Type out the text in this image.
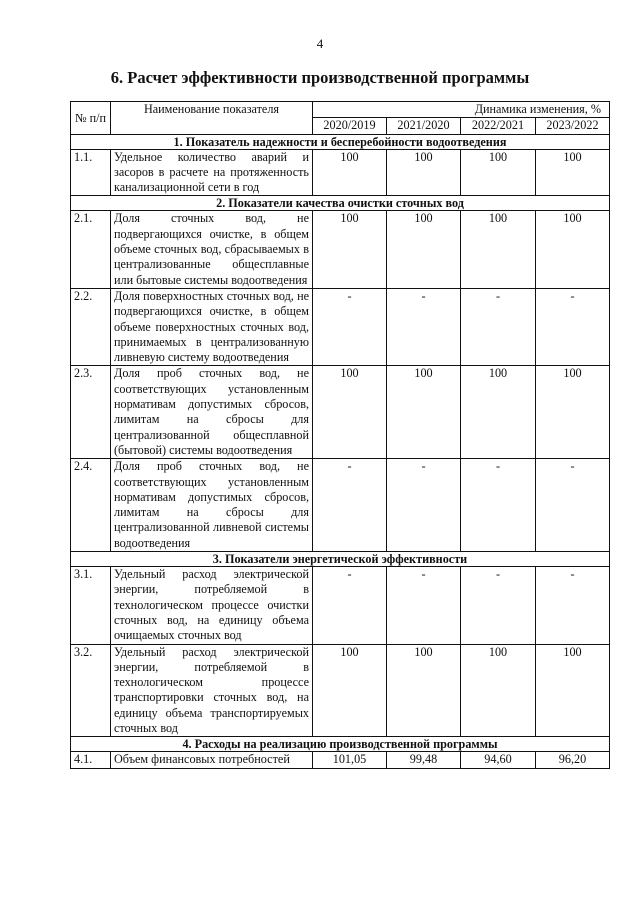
4
6. Расчет эффективности производственной программы
№ п/п	Наименование показателя	Динамика изменения, %			
		2020/2019	2021/2020	2022/2021	2023/2022
1. Показатель надежности и бесперебойности водоотведения					
1.1.	Удельное количество аварий и засоров в расчете на протяженность канализационной сети в год	100	100	100	100
2. Показатели качества очистки сточных вод					
2.1.	Доля сточных вод, не подвергающихся очистке, в общем объеме сточных вод, сбрасываемых в централизованные общесплавные или бытовые системы водоотведения	100	100	100	100
2.2.	Доля поверхностных сточных вод, не подвергающихся очистке, в общем объеме поверхностных сточных вод, принимаемых в централизованную ливневую систему водоотведения	-	-	-	-
2.3.	Доля проб сточных вод, не соответствующих установленным нормативам допустимых сбросов, лимитам на сбросы для централизованной общесплавной (бытовой) системы водоотведения	100	100	100	100
2.4.	Доля проб сточных вод, не соответствующих установленным нормативам допустимых сбросов, лимитам на сбросы для централизованной ливневой системы водоотведения	-	-	-	-
3. Показатели энергетической эффективности					
3.1.	Удельный расход электрической энергии, потребляемой в технологическом процессе очистки сточных вод, на единицу объема очищаемых сточных вод	-	-	-	-
3.2.	Удельный расход электрической энергии, потребляемой в технологическом процессе транспортировки сточных вод, на единицу объема транспортируемых сточных вод	100	100	100	100
4. Расходы на реализацию производственной программы					
4.1.	Объем финансовых потребностей	101,05	99,48	94,60	96,20
